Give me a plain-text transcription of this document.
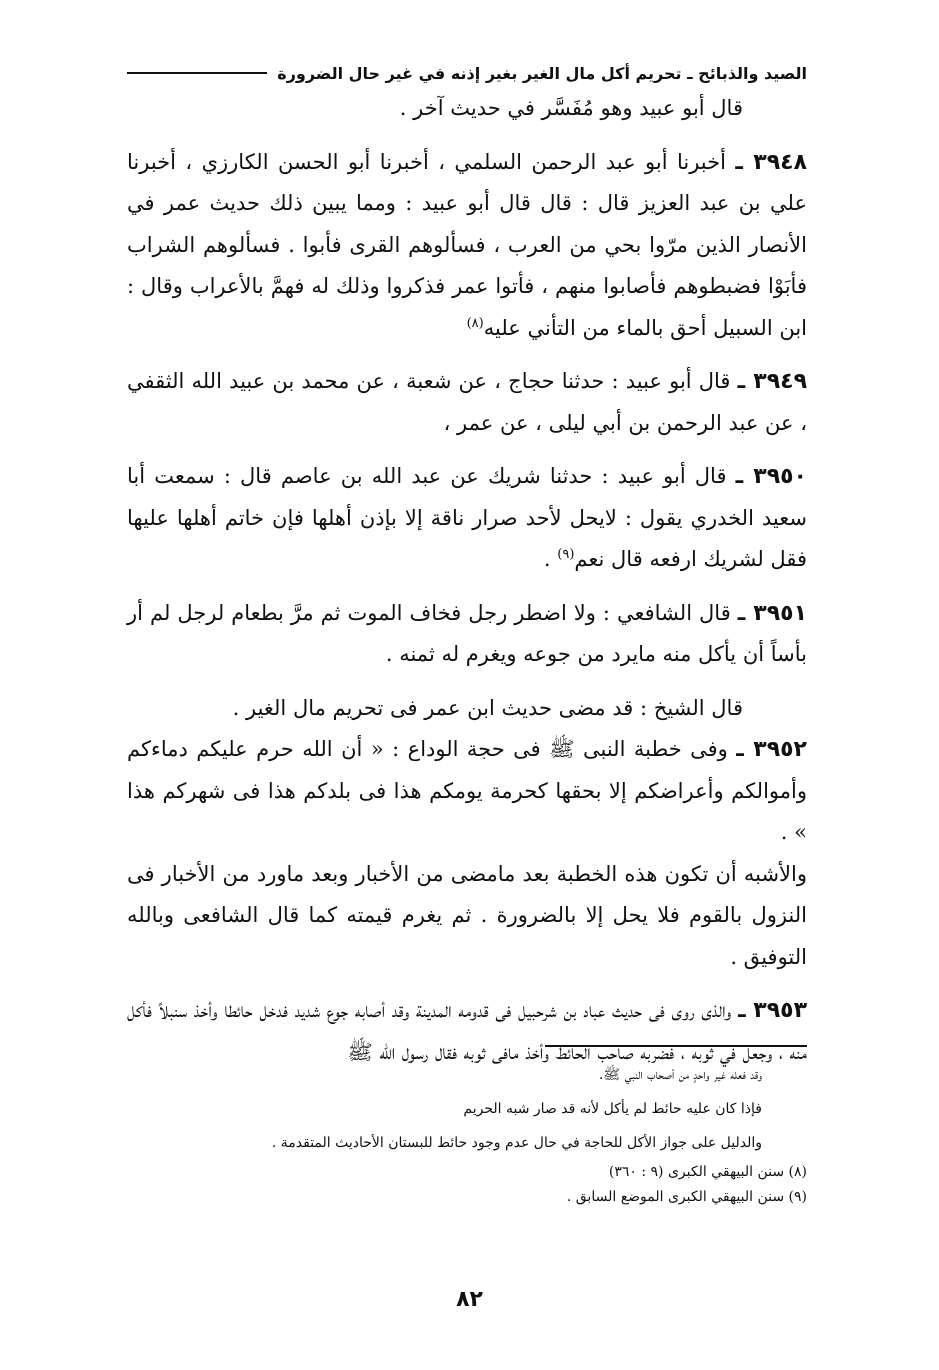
الصيد والذبائح ـ تحريم أكل مال الغير بغير إذنه في غير حال الضرورة

قال أبو عبيد وهو مُفَسَّر في حديث آخر .

٣٩٤٨ ـ أخبرنا أبو عبد الرحمن السلمي ، أخبرنا أبو الحسن الكارزي ، أخبرنا علي بن عبد العزيز قال : قال قال أبو عبيد : ومما يبين ذلك حديث عمر في الأنصار الذين مرّوا بحي من العرب ، فسألوهم القرى فأبوا . فسألوهم الشراب فأبَوْا فضبطوهم فأصابوا منهم ، فأتوا عمر فذكروا وذلك له فهمَّ بالأعراب وقال : ابن السبيل أحق بالماء من التأني عليه$^{(٨)}$

٣٩٤٩ ـ قال أبو عبيد : حدثنا حجاج ، عن شعبة ، عن محمد بن عبيد الله الثقفي ، عن عبد الرحمن بن أبي ليلى ، عن عمر ،

٣٩٥٠ ـ قال أبو عبيد : حدثنا شريك عن عبد الله بن عاصم قال : سمعت أبا سعيد الخدري يقول : لايحل لأحد صرار ناقة إلا بإذن أهلها فإن خاتم أهلها عليها فقل لشريك ارفعه قال نعم$^{(٩)}$ .

٣٩٥١ ـ قال الشافعي : ولا اضطر رجل فخاف الموت ثم مرَّ بطعام لرجل لم أر بأساً أن يأكل منه مايرد من جوعه ويغرم له ثمنه .

قال الشيخ : قد مضى حديث ابن عمر فى تحريم مال الغير .

٣٩٥٢ ـ وفى خطبة النبى ﷺ فى حجة الوداع : « أن الله حرم عليكم دماءكم وأموالكم وأعراضكم إلا بحقها كحرمة يومكم هذا فى بلدكم هذا فى شهركم هذا » .

والأشبه أن تكون هذه الخطبة بعد مامضى من الأخبار وبعد ماورد من الأخبار فى النزول بالقوم فلا يحل إلا بالضرورة . ثم يغرم قيمته كما قال الشافعى وبالله التوفيق .

٣٩٥٣ ـ والذى روى فى حديث عباد بن شرحبيل فى قدومه المدينة وقد أصابه جوع شديد فدخل حائطا وأخذ سنبلاً فأكل منه ، وجعل في ثوبه ، فضربه صاحب الحائط وأخذ مافى ثوبه فقال رسول الله ﷺ

وقد فعله غير واحدٍ من أصحاب النبي ﷺ.

فإذا كان عليه حائط لم يأكل لأنه قد صار شبه الحريم

والدليل على جواز الأكل للحاجة في حال عدم وجود حائط للبستان الأحاديث المتقدمة .

(٨) سنن البيهقي الكبرى (٩ : ٣٦٠)

(٩) سنن البيهقي الكبرى الموضع السابق .

٨٢
